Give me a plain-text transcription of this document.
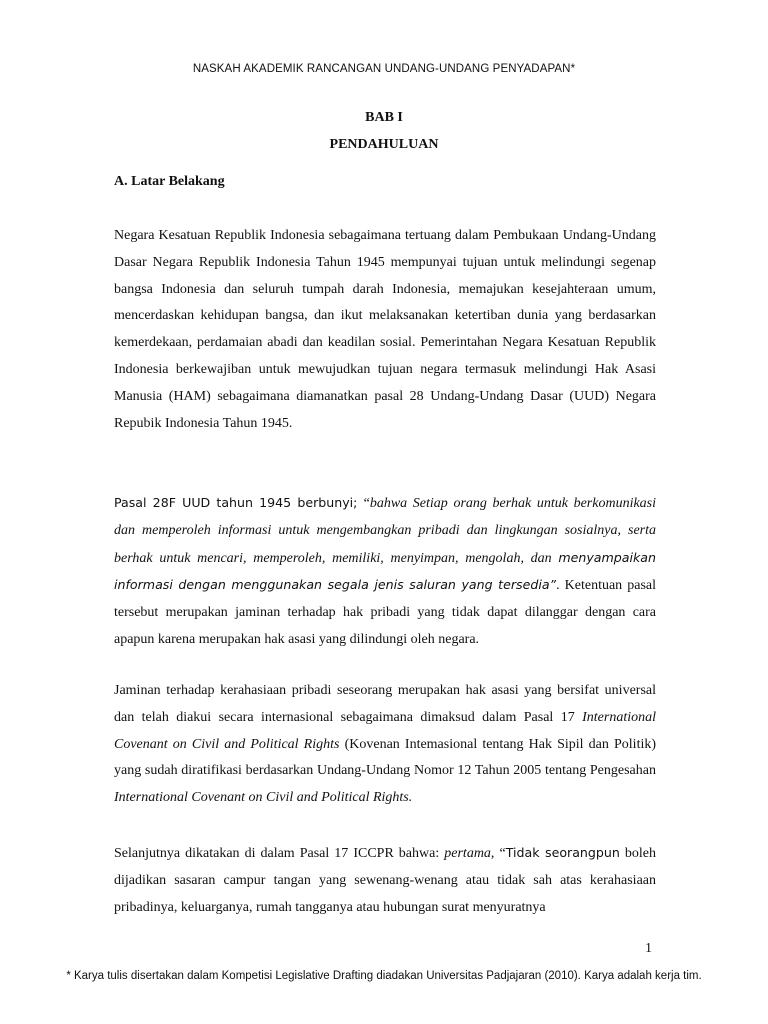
NASKAH AKADEMIK RANCANGAN UNDANG-UNDANG PENYADAPAN*
BAB I
PENDAHULUAN
A. Latar Belakang

Negara Kesatuan Republik Indonesia sebagaimana tertuang dalam Pembukaan Undang-Undang Dasar Negara Republik Indonesia Tahun 1945 mempunyai tujuan untuk melindungi segenap bangsa Indonesia dan seluruh tumpah darah Indonesia, memajukan kesejahteraan umum, mencerdaskan kehidupan bangsa, dan ikut melaksanakan ketertiban dunia yang berdasarkan kemerdekaan, perdamaian abadi dan keadilan sosial. Pemerintahan Negara Kesatuan Republik Indonesia berkewajiban untuk mewujudkan tujuan negara termasuk melindungi Hak Asasi Manusia (HAM) sebagaimana diamanatkan pasal 28 Undang-Undang Dasar (UUD) Negara Repubik Indonesia Tahun 1945.

Pasal 28F UUD tahun 1945 berbunyi; “bahwa Setiap orang berhak untuk berkomunikasi dan memperoleh informasi untuk mengembangkan pribadi dan lingkungan sosialnya, serta berhak untuk mencari, memperoleh, memiliki, menyimpan, mengolah, dan menyampaikan informasi dengan menggunakan segala jenis saluran yang tersedia”. Ketentuan pasal tersebut merupakan jaminan terhadap hak pribadi yang tidak dapat dilanggar dengan cara apapun karena merupakan hak asasi yang dilindungi oleh negara.

Jaminan terhadap kerahasiaan pribadi seseorang merupakan hak asasi yang bersifat universal dan telah diakui secara internasional sebagaimana dimaksud dalam Pasal 17 International Covenant on Civil and Political Rights (Kovenan Intemasional tentang Hak Sipil dan Politik) yang sudah diratifikasi berdasarkan Undang-Undang Nomor 12 Tahun 2005 tentang Pengesahan International Covenant on Civil and Political Rights.

Selanjutnya dikatakan di dalam Pasal 17 ICCPR bahwa: pertama, “Tidak seorangpun boleh dijadikan sasaran campur tangan yang sewenang-wenang atau tidak sah atas kerahasiaan pribadinya, keluarganya, rumah tangganya atau hubungan surat menyuratnya

1
* Karya tulis disertakan dalam Kompetisi Legislative Drafting diadakan Universitas Padjajaran (2010). Karya adalah kerja tim.
